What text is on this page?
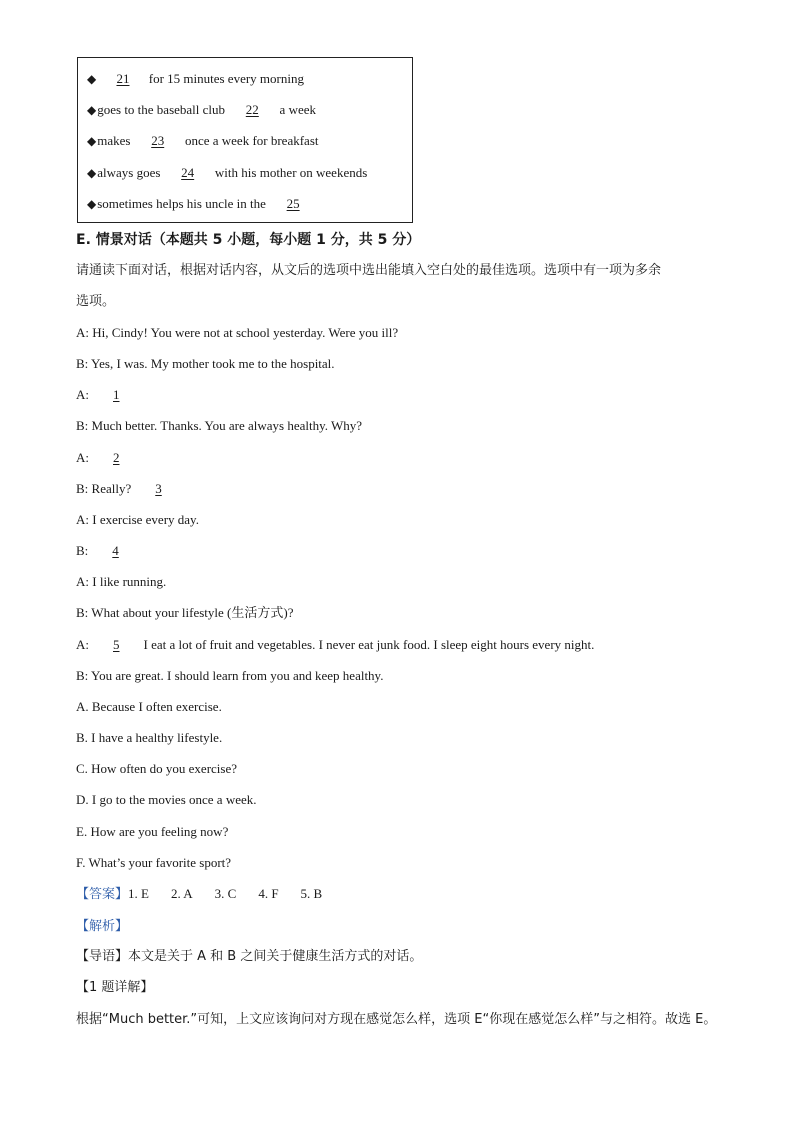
◆ 21 for 15 minutes every morning
◆goes to the baseball club 22 a week
◆makes 23 once a week for breakfast
◆always goes 24 with his mother on weekends
◆sometimes helps his uncle in the 25
E. 情景对话（本题共 5 小题，每小题 1 分，共 5 分）
请通读下面对话，根据对话内容，从文后的选项中选出能填入空白处的最佳选项。选项中有一项为多余
选项。
A: Hi, Cindy! You were not at school yesterday. Were you ill?
B: Yes, I was. My mother took me to the hospital.
A: 1
B: Much better. Thanks. You are always healthy. Why?
A: 2
B: Really? 3
A: I exercise every day.
B: 4
A: I like running.
B: What about your lifestyle (生活方式)?
A: 5 I eat a lot of fruit and vegetables. I never eat junk food. I sleep eight hours every night.
B: You are great. I should learn from you and keep healthy.
A. Because I often exercise.
B. I have a healthy lifestyle.
C. How often do you exercise?
D. I go to the movies once a week.
E. How are you feeling now?
F. What’s your favorite sport?
【答案】1. E 2. A 3. C 4. F 5. B
【解析】
【导语】本文是关于 A 和 B 之间关于健康生活方式的对话。
【1 题详解】
根据“Much better.”可知，上文应该询问对方现在感觉怎么样，选项 E“你现在感觉怎么样”与之相符。故选 E。
